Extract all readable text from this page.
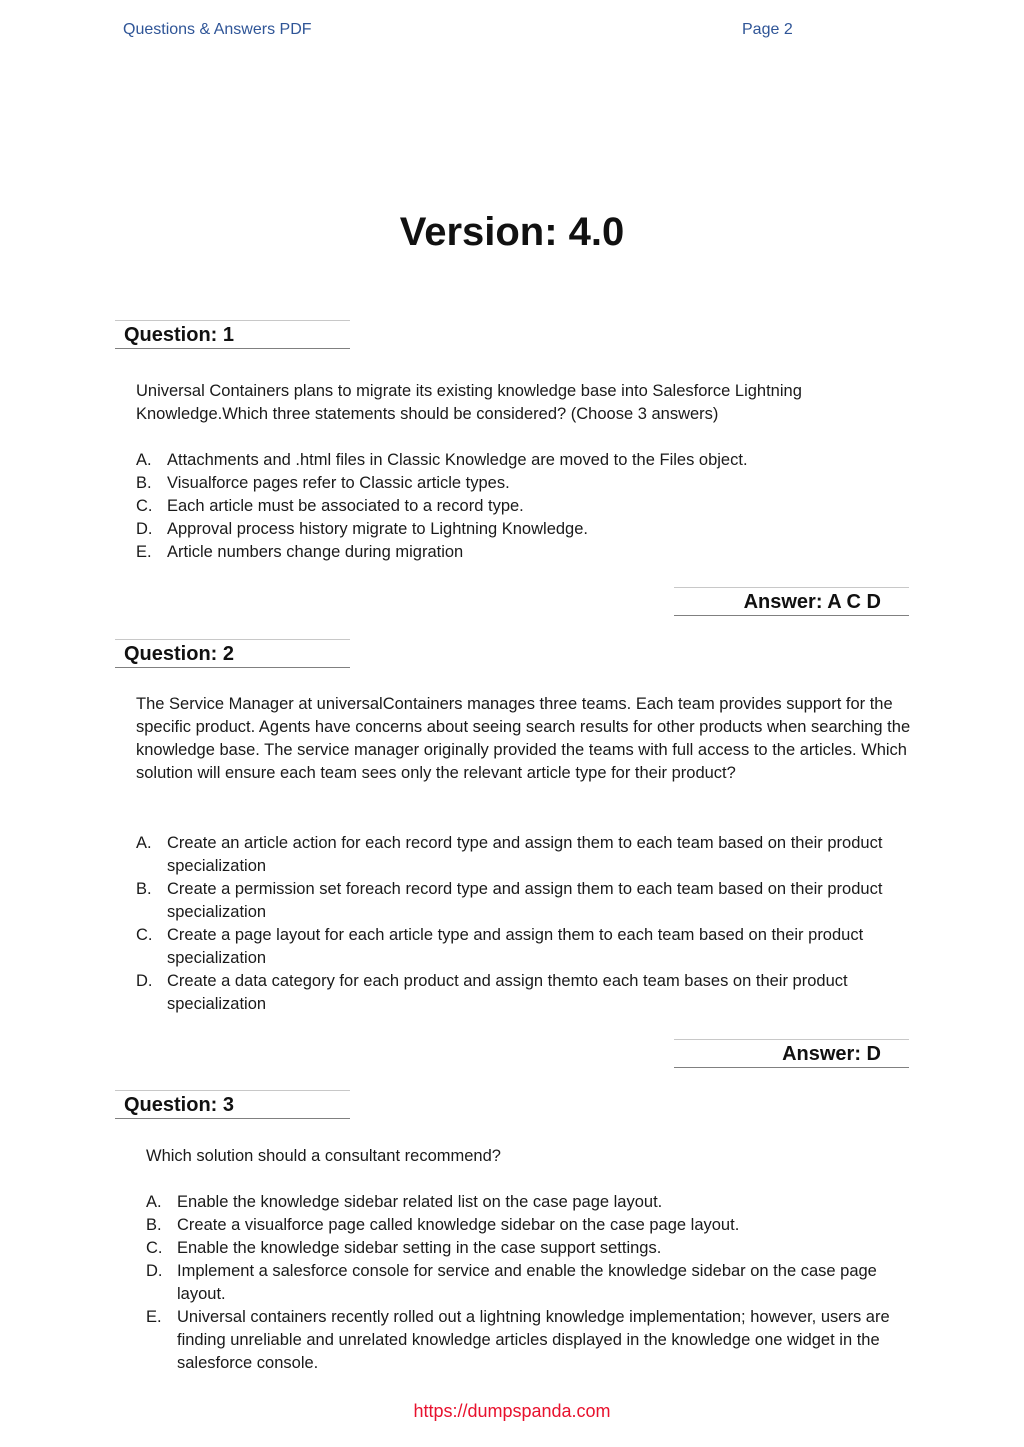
Questions & Answers PDF	Page 2
Version: 4.0
Question: 1
Universal Containers plans to migrate its existing knowledge base into Salesforce Lightning Knowledge.Which three statements should be considered? (Choose 3 answers)
A. Attachments and .html files in Classic Knowledge are moved to the Files object.
B. Visualforce pages refer to Classic article types.
C. Each article must be associated to a record type.
D. Approval process history migrate to Lightning Knowledge.
E. Article numbers change during migration
Answer: A C D
Question: 2
The Service Manager at universalContainers manages three teams. Each team provides support for the specific product. Agents have concerns about seeing search results for other products when searching the knowledge base. The service manager originally provided the teams with full access to the articles. Which solution will ensure each team sees only the relevant article type for their product?
A. Create an article action for each record type and assign them to each team based on their product specialization
B. Create a permission set foreach record type and assign them to each team based on their product specialization
C. Create a page layout for each article type and assign them to each team based on their product specialization
D. Create a data category for each product and assign themto each team bases on their product specialization
Answer: D
Question: 3
Which solution should a consultant recommend?
A. Enable the knowledge sidebar related list on the case page layout.
B. Create a visualforce page called knowledge sidebar on the case page layout.
C. Enable the knowledge sidebar setting in the case support settings.
D. Implement a salesforce console for service and enable the knowledge sidebar on the case page layout.
E. Universal containers recently rolled out a lightning knowledge implementation; however, users are finding unreliable and unrelated knowledge articles displayed in the knowledge one widget in the salesforce console.
https://dumpspanda.com
